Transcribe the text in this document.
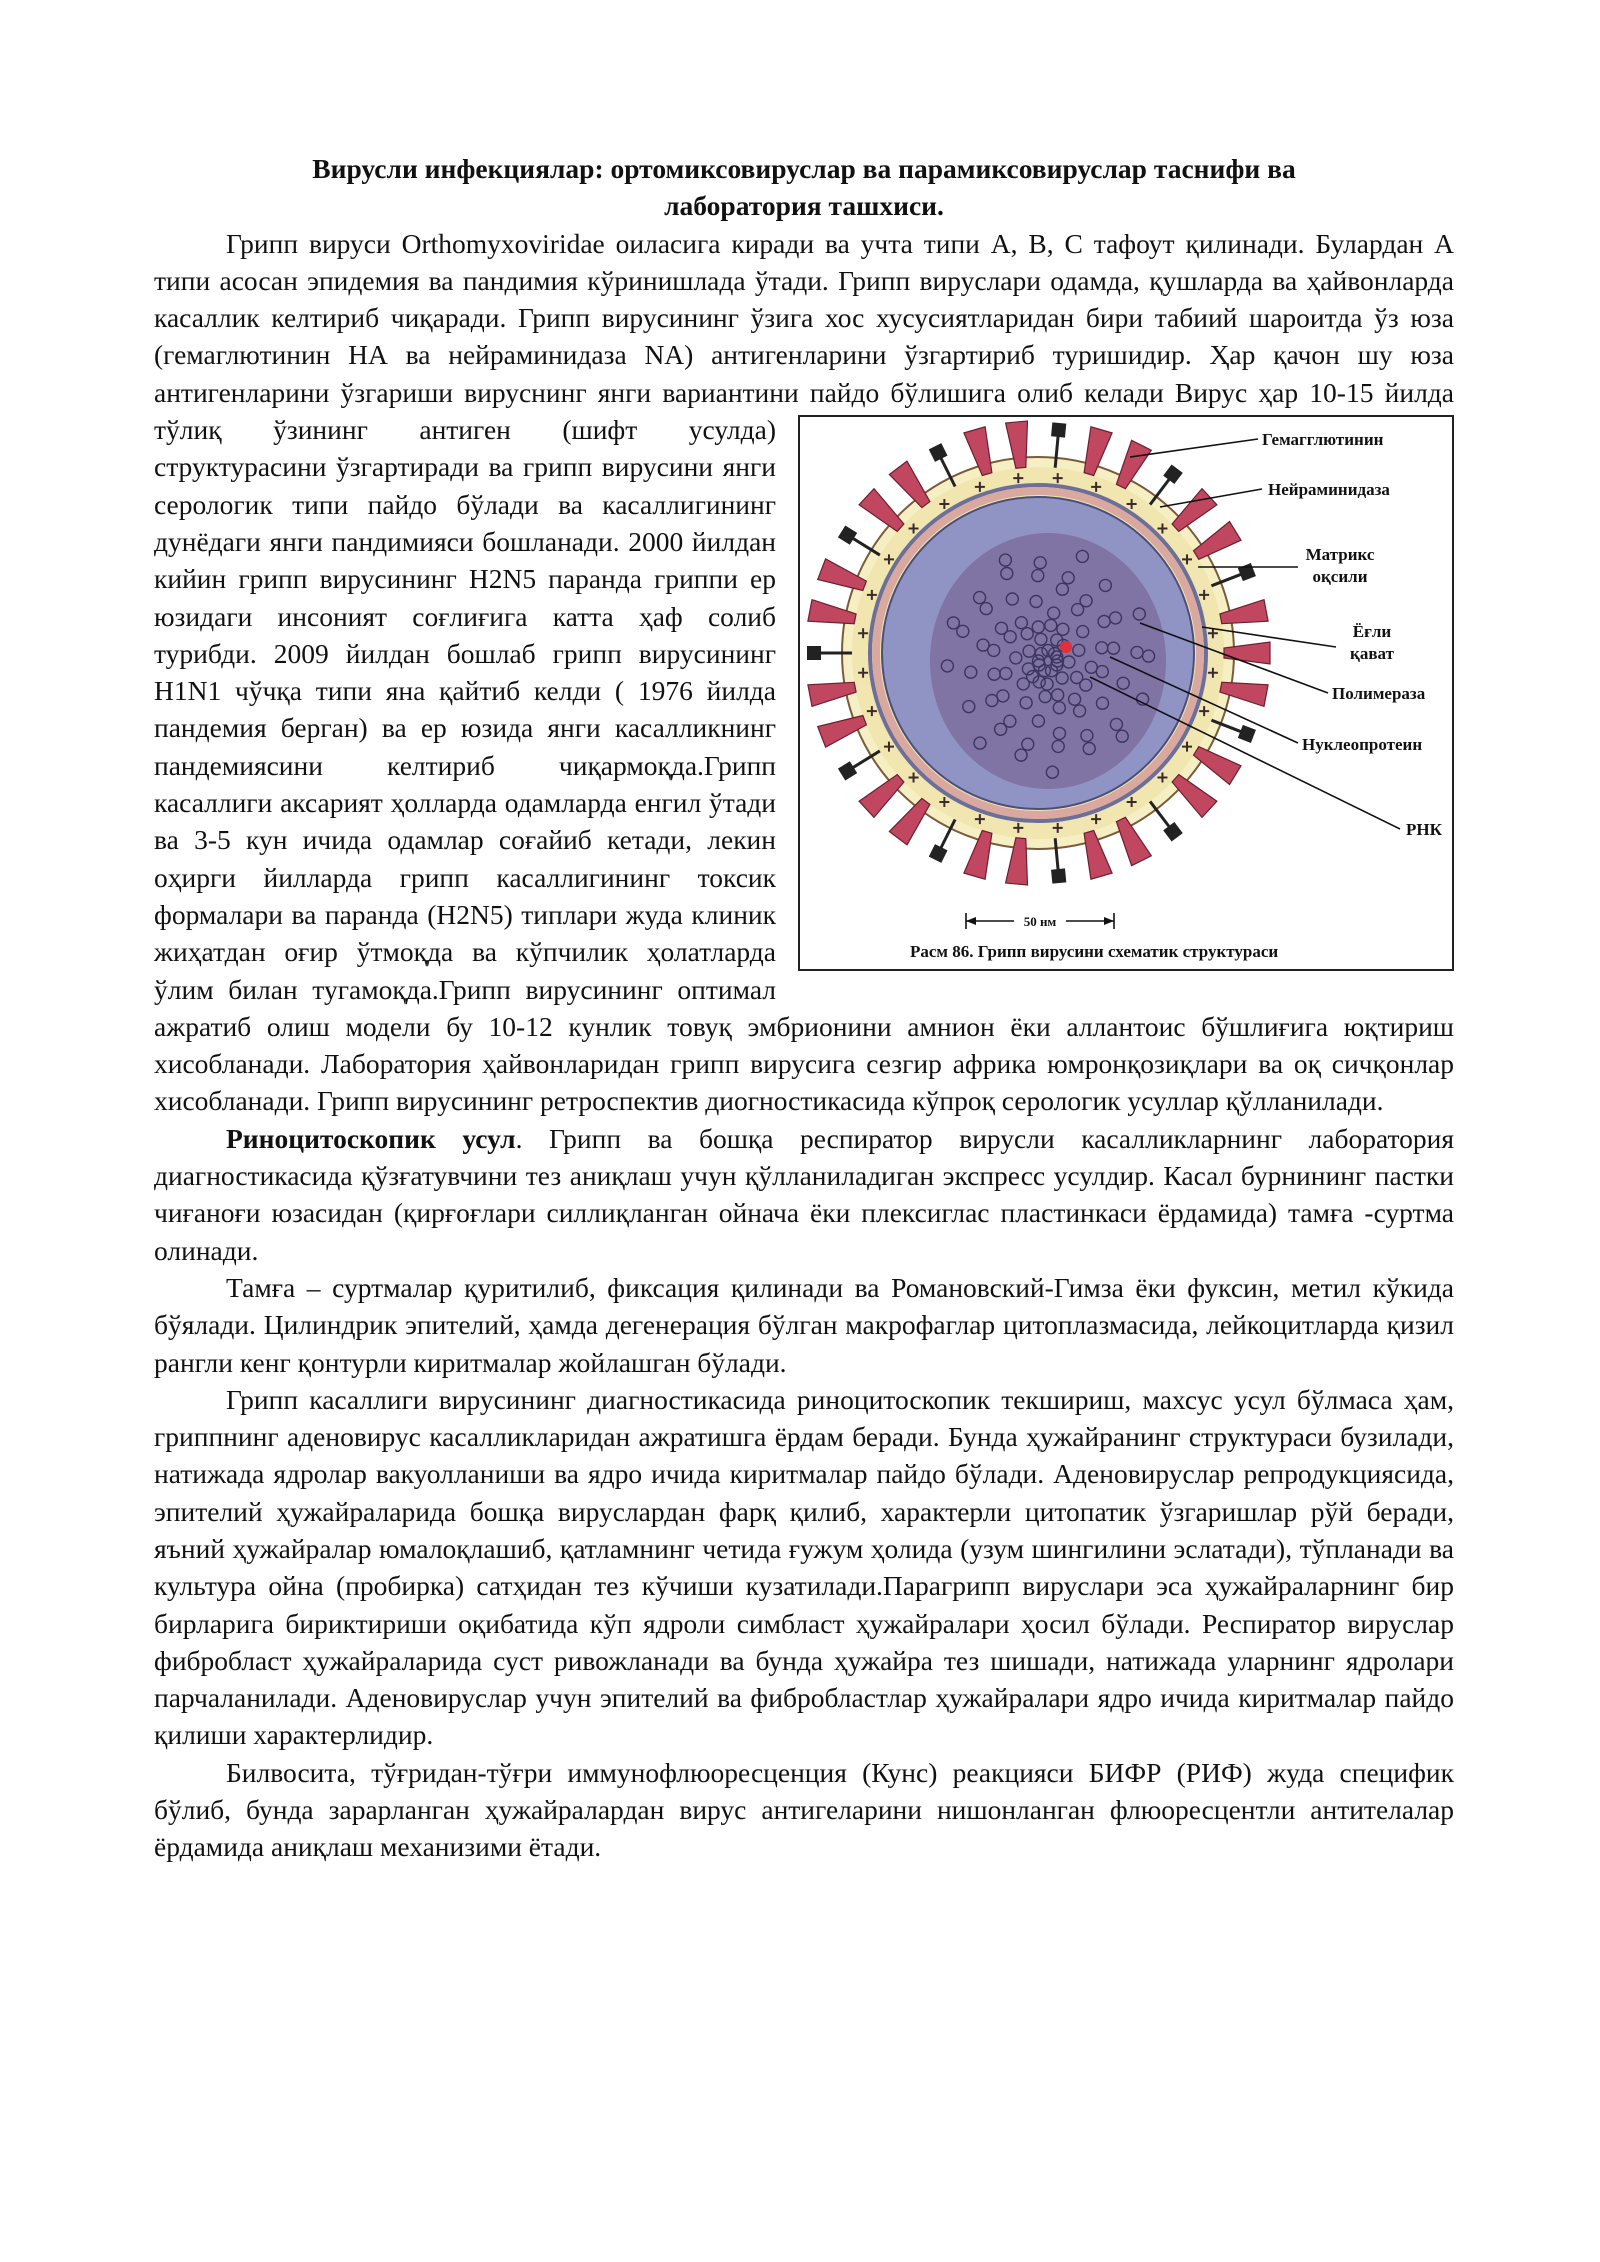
Вирусли инфекциялар: ортомиксовируслар ва парамиксовируслар таснифи ва
лаборатория ташхиси.

Грипп вируси Orthomyxoviridae оиласига киради ва учта типи А, В, С тафоут қилинади. Булардан А типи асосан эпидемия ва пандимия кўринишлада ўтади. Грипп вируслари одамда, қушларда ва ҳайвонларда касаллик келтириб чиқаради. Грипп вирусининг ўзига хос хусусиятларидан бири табиий шароитда ўз юза (гемаглютинин НА ва нейраминидаза NA) антигенларини ўзгартириб туришидир. Ҳар қачон шу юза антигенларини ўзгариши вируснинг янги вариантини пайдо бўлишига олиб келади Вирус ҳар 10-15 йилда тўлиқ	Гемагглютинин
Нейраминидаза
Матрикс
оқсили
Ёғли
қават
Полимераза
Нуклеопротеин
РНК
50 нм
Расм 86. Грипп вирусини схематик структураси
ўзининг антиген (шифт усулда) структурасини ўзгартиради ва грипп вирусини янги серологик типи пайдо бўлади ва касаллигининг дунёдаги янги пандимияси бошланади. 2000 йилдан кийин грипп вирусининг H2N5 паранда гриппи ер юзидаги инсоният соғлиғига катта ҳаф солиб турибди. 2009 йилдан бошлаб грипп вирусининг H1N1 чўчқа типи яна қайтиб келди ( 1976 йилда пандемия берган) ва ер юзида янги касалликнинг пандемиясини келтириб чиқармоқда.Грипп касаллиги аксарият ҳолларда одамларда енгил ўтади ва 3-5 кун ичида одамлар соғайиб кетади, лекин оҳирги йилларда грипп касаллигининг токсик формалари ва паранда (H2N5) типлари жуда клиник жиҳатдан оғир ўтмоқда ва кўпчилик ҳолатларда ўлим билан тугамоқда.Грипп вирусининг оптимал ажратиб олиш модели бу 10-12 кунлик товуқ эмбрионини амнион ёки аллантоис бўшлиғига юқтириш хисобланади. Лаборатория ҳайвонларидан грипп вирусига сезгир африка юмронқозиқлари ва оқ сичқонлар хисобланади. Грипп вирусининг ретроспектив диогностикасида кўпроқ серологик усуллар қўлланилади.

Риноцитоскопик усул. Грипп ва бошқа респиратор вирусли касалликларнинг лаборатория диагностикасида қўзғатувчини тез аниқлаш учун қўлланиладиган экспресс усулдир. Касал бурнининг пастки чиғаноғи юзасидан (қирғоғлари силлиқланган ойнача ёки плексиглас пластинкаси ёрдамида) тамға -суртма олинади.

Тамға – суртмалар қуритилиб, фиксация қилинади ва Романовский-Гимза ёки фуксин, метил кўкида бўялади. Цилиндрик эпителий, ҳамда дегенерация бўлган макрофаглар цитоплазмасида, лейкоцитларда қизил рангли кенг қонтурли киритмалар жойлашган бўлади.

Грипп касаллиги вирусининг диагностикасида риноцитоскопик текшириш, махсус усул бўлмаса ҳам, гриппнинг аденовирус касалликларидан ажратишга ёрдам беради. Бунда ҳужайранинг структураси бузилади, натижада ядролар вакуолланиши ва ядро ичида киритмалар пайдо бўлади. Аденовируслар репродукциясида, эпителий ҳужайраларида бошқа вируслардан фарқ қилиб, характерли цитопатик ўзгаришлар рўй беради, яъний ҳужайралар юмалоқлашиб, қатламнинг четида ғужум ҳолида (узум шингилини эслатади), тўпланади ва культура ойна (пробирка) сатҳидан тез кўчиши кузатилади.Парагрипп вируслари эса ҳужайраларнинг бир бирларига бириктириши оқибатида кўп ядроли симбласт ҳужайралари ҳосил бўлади. Респиратор вируслар фибробласт ҳужайраларида суст ривожланади ва бунда ҳужайра тез шишади, натижада уларнинг ядролари парчаланилади. Аденовируслар учун эпителий ва фибробластлар ҳужайралари ядро ичида киритмалар пайдо қилиши характерлидир.

Билвосита, тўғридан-тўғри иммунофлюоресценция (Кунс) реакцияси БИФР (РИФ) жуда специфик бўлиб, бунда зарарланган ҳужайралардан вирус антигеларини нишонланган флюоресцентли антителалар ёрдамида аниқлаш механизими ётади.
